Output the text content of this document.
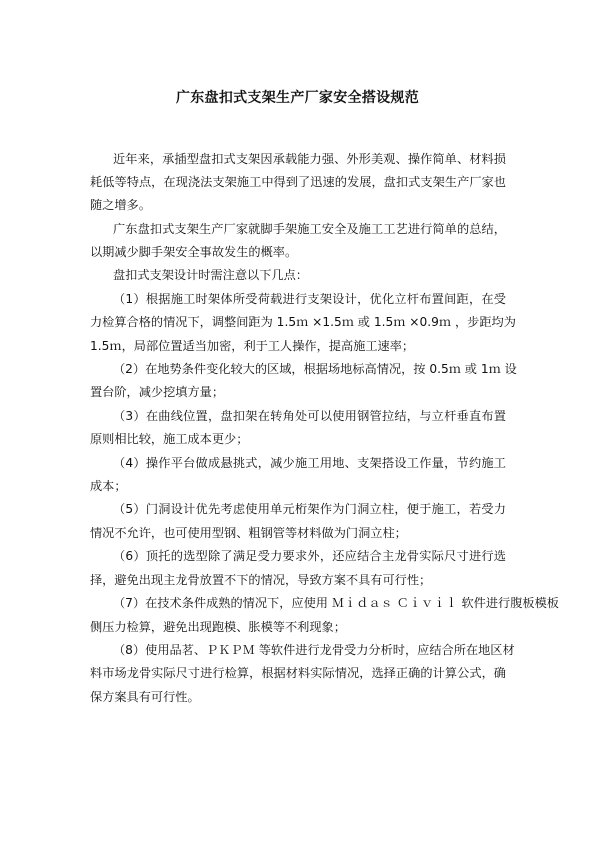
广东盘扣式支架生产厂家安全搭设规范

近年来，承插型盘扣式支架因承载能力强、外形美观、操作简单、材料损

耗低等特点，在现浇法支架施工中得到了迅速的发展，盘扣式支架生产厂家也

随之增多。

广东盘扣式支架生产厂家就脚手架施工安全及施工工艺进行简单的总结，

以期减少脚手架安全事故发生的概率。

盘扣式支架设计时需注意以下几点：

（1）根据施工时架体所受荷载进行支架设计，优化立杆布置间距，在受

力检算合格的情况下，调整间距为 1.5ｍ ×1.5ｍ 或 1.5ｍ ×0.9ｍ ，步距均为

1.5ｍ，局部位置适当加密，利于工人操作，提高施工速率；

（2）在地势条件变化较大的区域，根据场地标高情况，按 0.5ｍ 或 1ｍ 设

置台阶，减少挖填方量；

（3）在曲线位置，盘扣架在转角处可以使用钢管拉结，与立杆垂直布置

原则相比较，施工成本更少；

（4）操作平台做成悬挑式，减少施工用地、支架搭设工作量，节约施工

成本；

（5）门洞设计优先考虑使用单元桁架作为门洞立柱，便于施工，若受力

情况不允许，也可使用型钢、粗钢管等材料做为门洞立柱；

（6）顶托的选型除了满足受力要求外，还应结合主龙骨实际尺寸进行选

择，避免出现主龙骨放置不下的情况，导致方案不具有可行性；

（7）在技术条件成熟的情况下，应使用 Ｍｉｄａｓ Ｃｉｖｉｌ 软件进行腹板模板

侧压力检算，避免出现跑模、胀模等不利现象；

（8）使用品茗、ＰＫＰＭ 等软件进行龙骨受力分析时，应结合所在地区材

料市场龙骨实际尺寸进行检算，根据材料实际情况，选择正确的计算公式，确

保方案具有可行性。
